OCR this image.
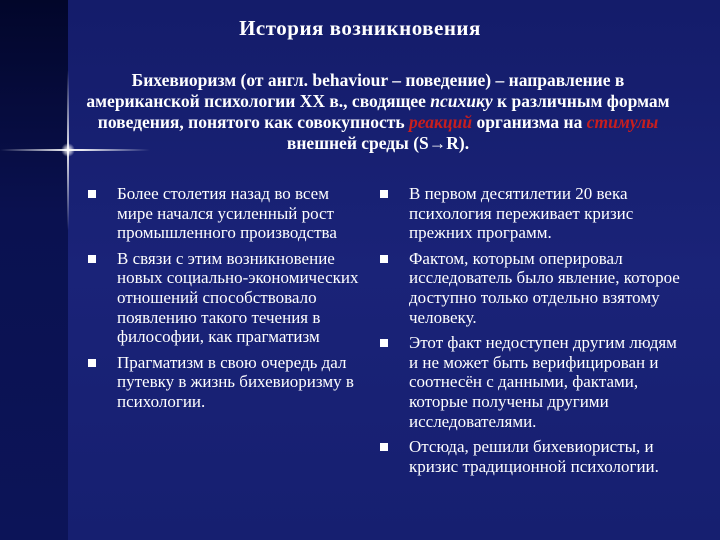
История возникновения
Бихевиоризм (от англ. behaviour – поведение) – направление в американской психологии XX в., сводящее психику к различным формам поведения, понятого как совокупность реакций организма на стимулы внешней среды (S→R).
Более столетия назад во всем мире начался усиленный рост промышленного производства
В связи с этим возникновение новых социально-экономических отношений способствовало появлению такого течения в философии, как прагматизм
Прагматизм в свою очередь дал путевку в жизнь бихевиоризму в психологии.
В первом десятилетии 20 века психология переживает кризис прежних программ.
Фактом, которым оперировал исследователь было явление, которое доступно только отдельно взятому человеку.
Этот факт недоступен другим людям и не может быть верифицирован и соотнесён с данными, фактами, которые получены другими исследователями.
Отсюда, решили бихевиористы, и кризис традиционной психологии.
